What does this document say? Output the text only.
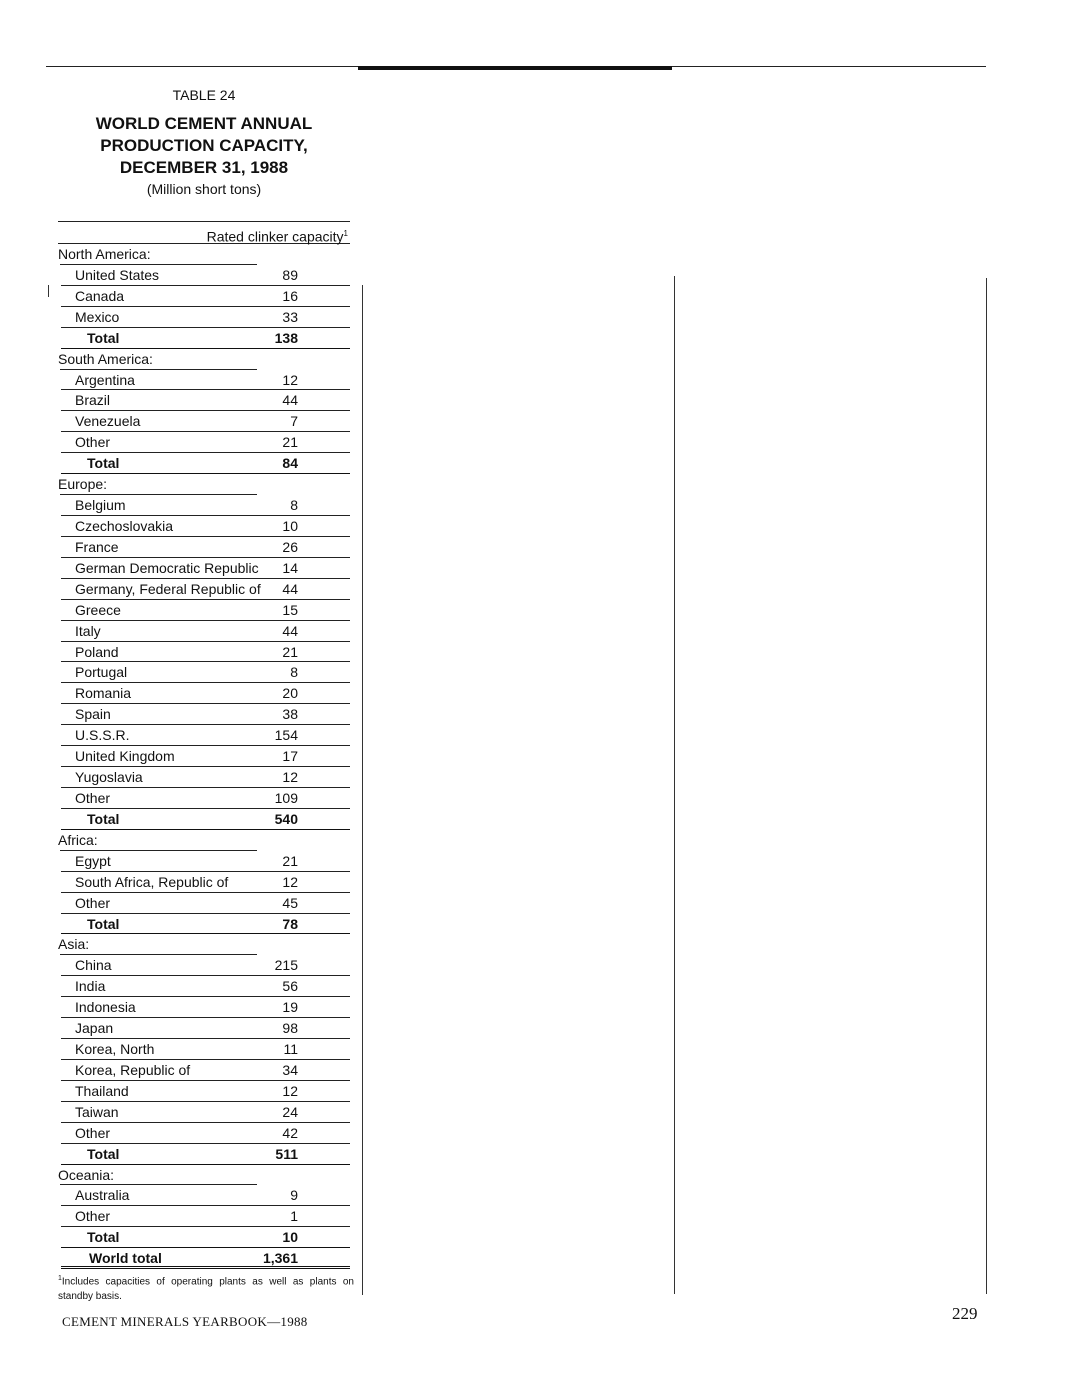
TABLE 24
WORLD CEMENT ANNUAL
PRODUCTION CAPACITY,
DECEMBER 31, 1988
(Million short tons)
Rated clinker capacity$^1$
North America:
United States	89
Canada	16
Mexico	33
Total	138
South America:
Argentina	12
Brazil	44
Venezuela	7
Other	21
Total	84
Europe:
Belgium	8
Czechoslovakia	10
France	26
German Democratic Republic	14
Germany, Federal Republic of	44
Greece	15
Italy	44
Poland	21
Portugal	8
Romania	20
Spain	38
U.S.S.R.	154
United Kingdom	17
Yugoslavia	12
Other	109
Total	540
Africa:
Egypt	21
South Africa, Republic of	12
Other	45
Total	78
Asia:
China	215
India	56
Indonesia	19
Japan	98
Korea, North	11
Korea, Republic of	34
Thailand	12
Taiwan	24
Other	42
Total	511
Oceania:
Australia	9
Other	1
Total	10
World total	1,361
$^1$Includes capacities of operating plants as well as plants on standby basis.
CEMENT MINERALS YEARBOOK—1988	229
